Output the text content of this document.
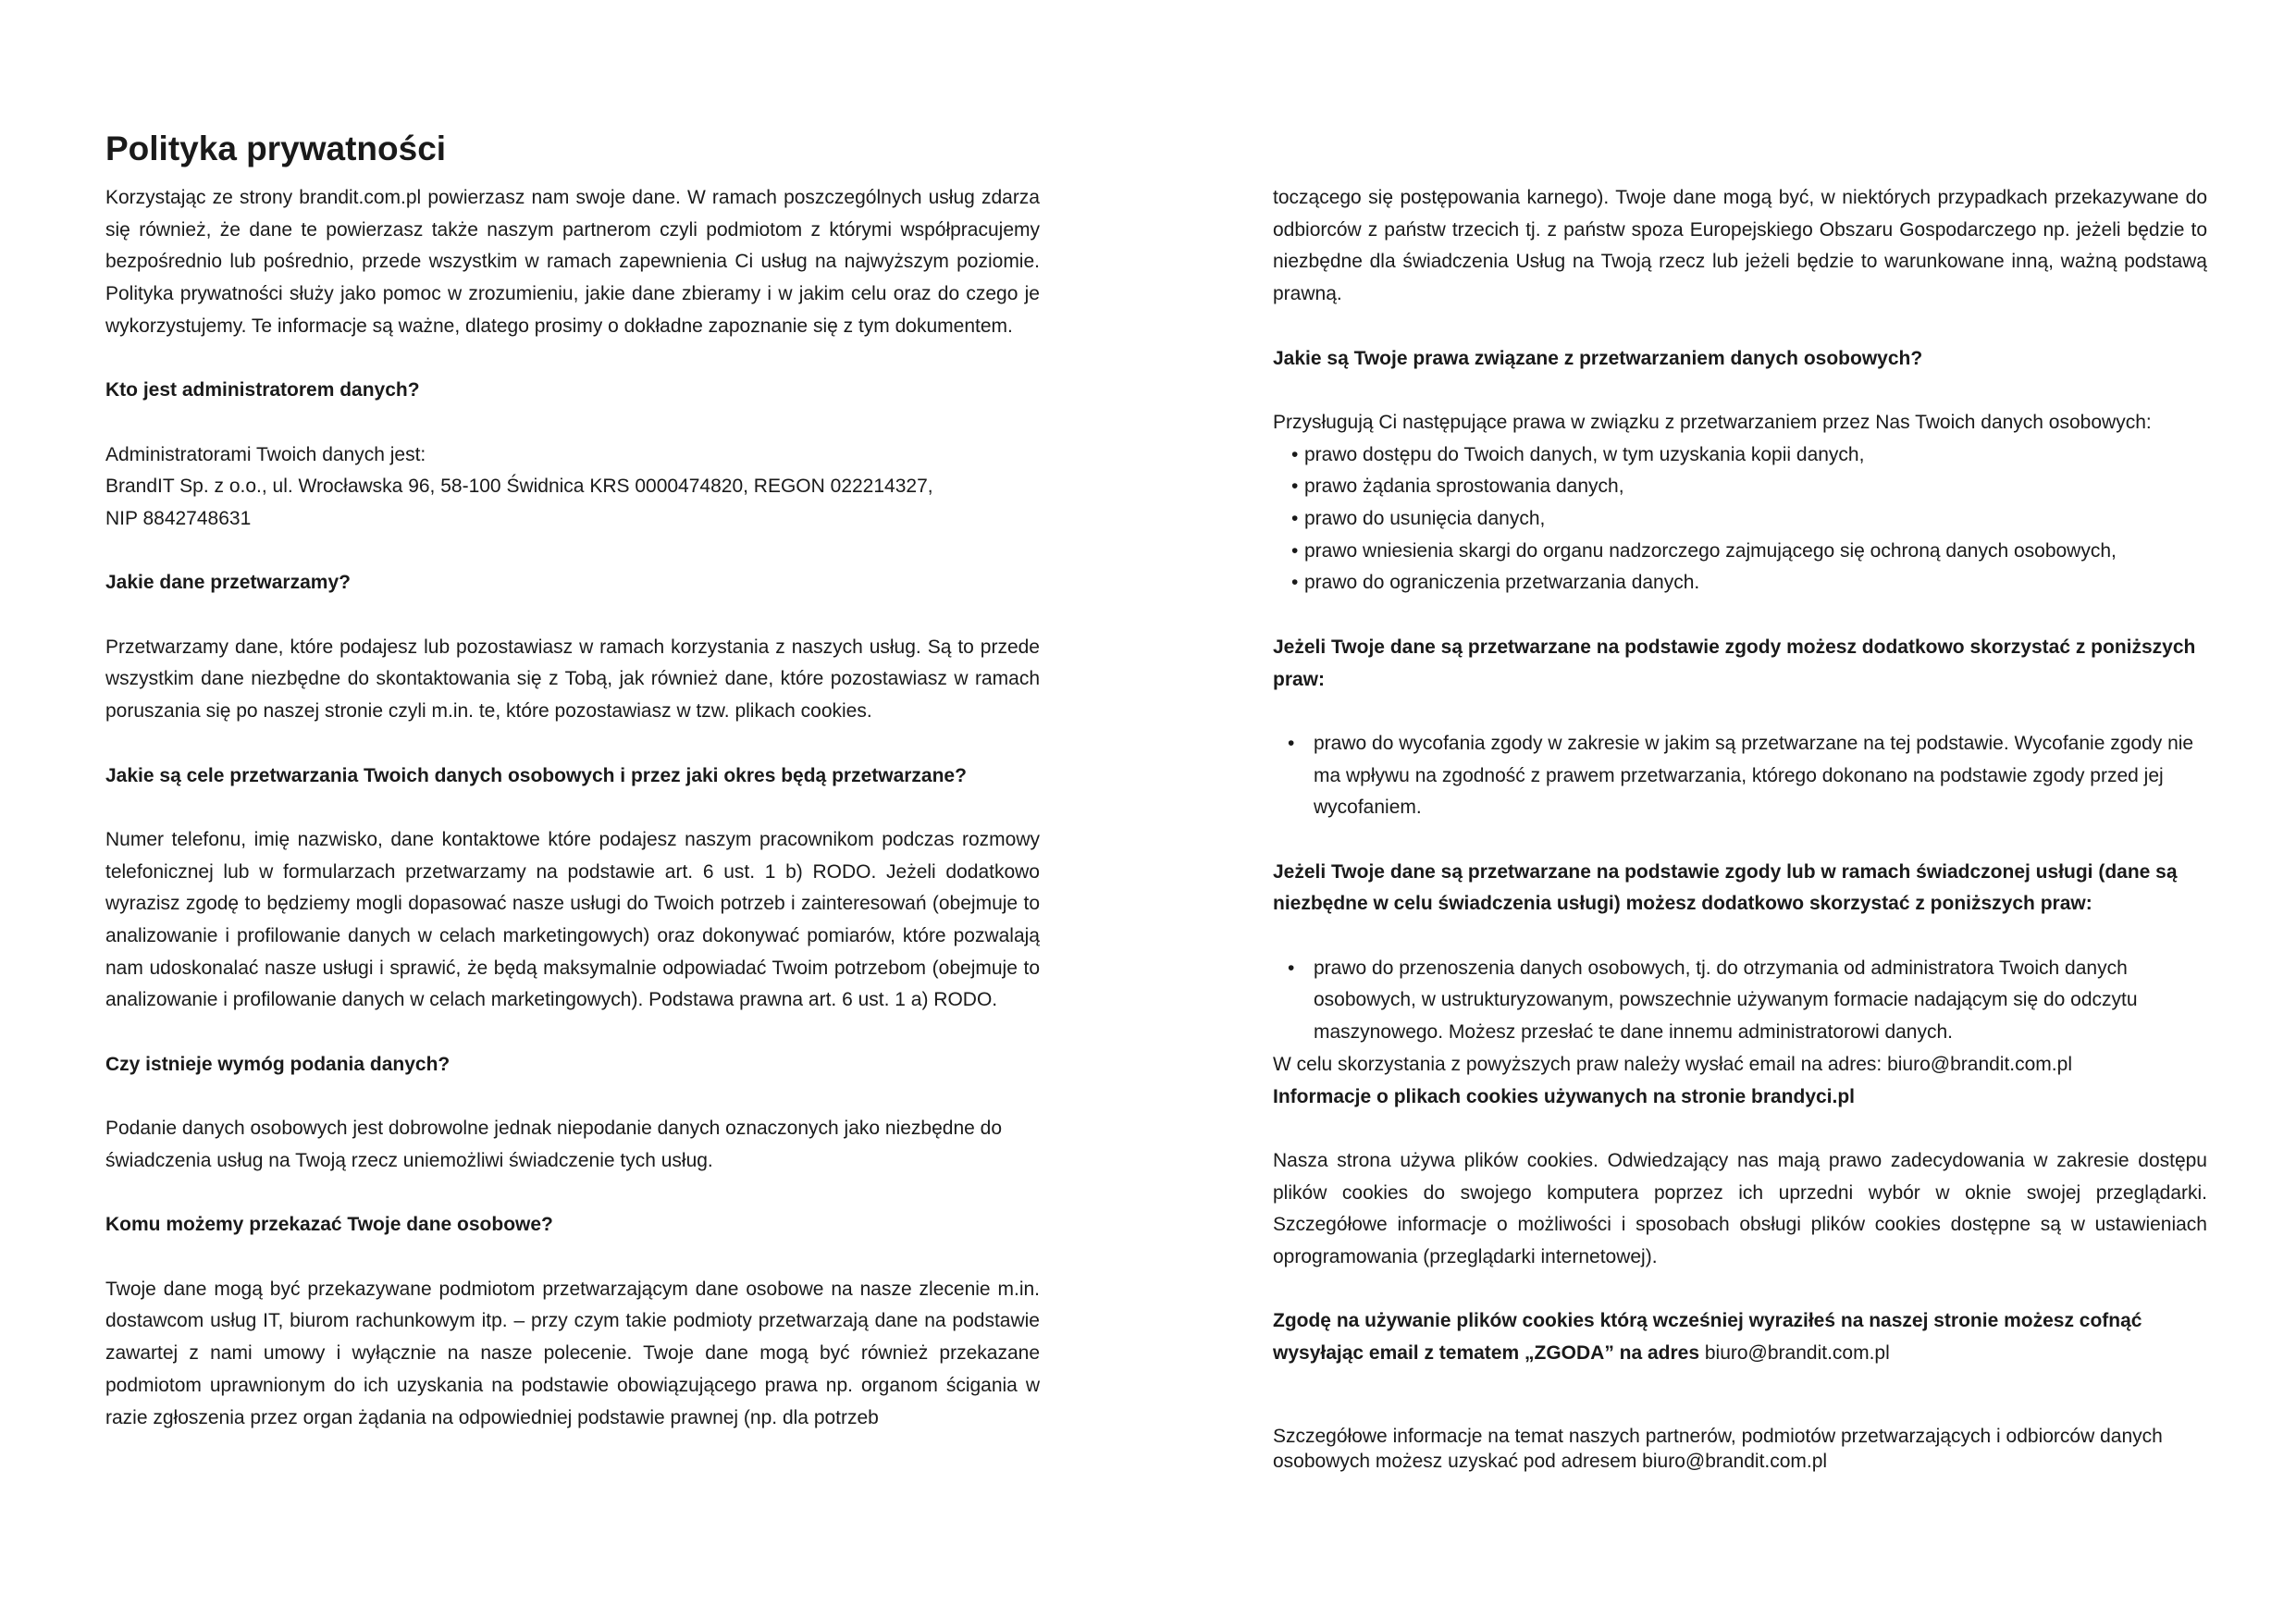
Polityka prywatności

Korzystając ze strony brandit.com.pl powierzasz nam swoje dane. W ramach poszczególnych usług zdarza się również, że dane te powierzasz także naszym partnerom czyli podmiotom z którymi współpracujemy bezpośrednio lub pośrednio, przede wszystkim w ramach zapewnienia Ci usług na najwyższym poziomie. Polityka prywatności służy jako pomoc w zrozumieniu, jakie dane zbieramy i w jakim celu oraz do czego je wykorzystujemy. Te informacje są ważne, dlatego prosimy o dokładne zapoznanie się z tym dokumentem.

Kto jest administratorem danych?

Administratorami Twoich danych jest:

BrandIT Sp. z o.o., ul. Wrocławska 96, 58-100 Świdnica KRS 0000474820, REGON 022214327, NIP 8842748631

Jakie dane przetwarzamy?

Przetwarzamy dane, które podajesz lub pozostawiasz w ramach korzystania z naszych usług. Są to przede wszystkim dane niezbędne do skontaktowania się z Tobą, jak również dane, które pozostawiasz w ramach poruszania się po naszej stronie czyli m.in. te, które pozostawiasz w tzw. plikach cookies.

Jakie są cele przetwarzania Twoich danych osobowych i przez jaki okres będą przetwarzane?

Numer telefonu, imię nazwisko, dane kontaktowe które podajesz naszym pracownikom podczas rozmowy telefonicznej lub w formularzach przetwarzamy na podstawie art. 6 ust. 1 b) RODO. Jeżeli dodatkowo wyrazisz zgodę to będziemy mogli dopasować nasze usługi do Twoich potrzeb i zainteresowań (obejmuje to analizowanie i profilowanie danych w celach marketingowych) oraz dokonywać pomiarów, które pozwalają nam udoskonalać nasze usługi i sprawić, że będą maksymalnie odpowiadać Twoim potrzebom (obejmuje to analizowanie i profilowanie danych w celach marketingowych). Podstawa prawna art. 6 ust. 1 a) RODO.

Czy istnieje wymóg podania danych?

Podanie danych osobowych jest dobrowolne jednak niepodanie danych oznaczonych jako niezbędne do świadczenia usług na Twoją rzecz uniemożliwi świadczenie tych usług.

Komu możemy przekazać Twoje dane osobowe?

Twoje dane mogą być przekazywane podmiotom przetwarzającym dane osobowe na nasze zlecenie m.in. dostawcom usług IT, biurom rachunkowym itp. – przy czym takie podmioty przetwarzają dane na podstawie zawartej z nami umowy i wyłącznie na nasze polecenie. Twoje dane mogą być również przekazane podmiotom uprawnionym do ich uzyskania na podstawie obowiązującego prawa np. organom ścigania w razie zgłoszenia przez organ żądania na odpowiedniej podstawie prawnej (np. dla potrzeb

toczącego się postępowania karnego). Twoje dane mogą być, w niektórych przypadkach przekazywane do odbiorców z państw trzecich tj. z państw spoza Europejskiego Obszaru Gospodarczego np. jeżeli będzie to niezbędne dla świadczenia Usług na Twoją rzecz lub jeżeli będzie to warunkowane inną, ważną podstawą prawną.

Jakie są Twoje prawa związane z przetwarzaniem danych osobowych?

Przysługują Ci następujące prawa w związku z przetwarzaniem przez Nas Twoich danych osobowych:

• prawo dostępu do Twoich danych, w tym uzyskania kopii danych,
• prawo żądania sprostowania danych,
• prawo do usunięcia danych,
• prawo wniesienia skargi do organu nadzorczego zajmującego się ochroną danych osobowych,
• prawo do ograniczenia przetwarzania danych.

Jeżeli Twoje dane są przetwarzane na podstawie zgody możesz dodatkowo skorzystać z poniższych praw:

• prawo do wycofania zgody w zakresie w jakim są przetwarzane na tej podstawie. Wycofanie zgody nie ma wpływu na zgodność z prawem przetwarzania, którego dokonano na podstawie zgody przed jej wycofaniem.

Jeżeli Twoje dane są przetwarzane na podstawie zgody lub w ramach świadczonej usługi (dane są niezbędne w celu świadczenia usługi) możesz dodatkowo skorzystać z poniższych praw:

• prawo do przenoszenia danych osobowych, tj. do otrzymania od administratora Twoich danych osobowych, w ustrukturyzowanym, powszechnie używanym formacie nadającym się do odczytu maszynowego. Możesz przesłać te dane innemu administratorowi danych.

W celu skorzystania z powyższych praw należy wysłać email na adres: biuro@brandit.com.pl

Informacje o plikach cookies używanych na stronie brandyci.pl

Nasza strona używa plików cookies. Odwiedzający nas mają prawo zadecydowania w zakresie dostępu plików cookies do swojego komputera poprzez ich uprzedni wybór w oknie swojej przeglądarki. Szczegółowe informacje o możliwości i sposobach obsługi plików cookies dostępne są w ustawieniach oprogramowania (przeglądarki internetowej).

Zgodę na używanie plików cookies którą wcześniej wyraziłeś na naszej stronie możesz cofnąć wysyłając email z tematem „ZGODA” na adres biuro@brandit.com.pl

Szczegółowe informacje na temat naszych partnerów, podmiotów przetwarzających i odbiorców danych osobowych możesz uzyskać pod adresem biuro@brandit.com.pl
